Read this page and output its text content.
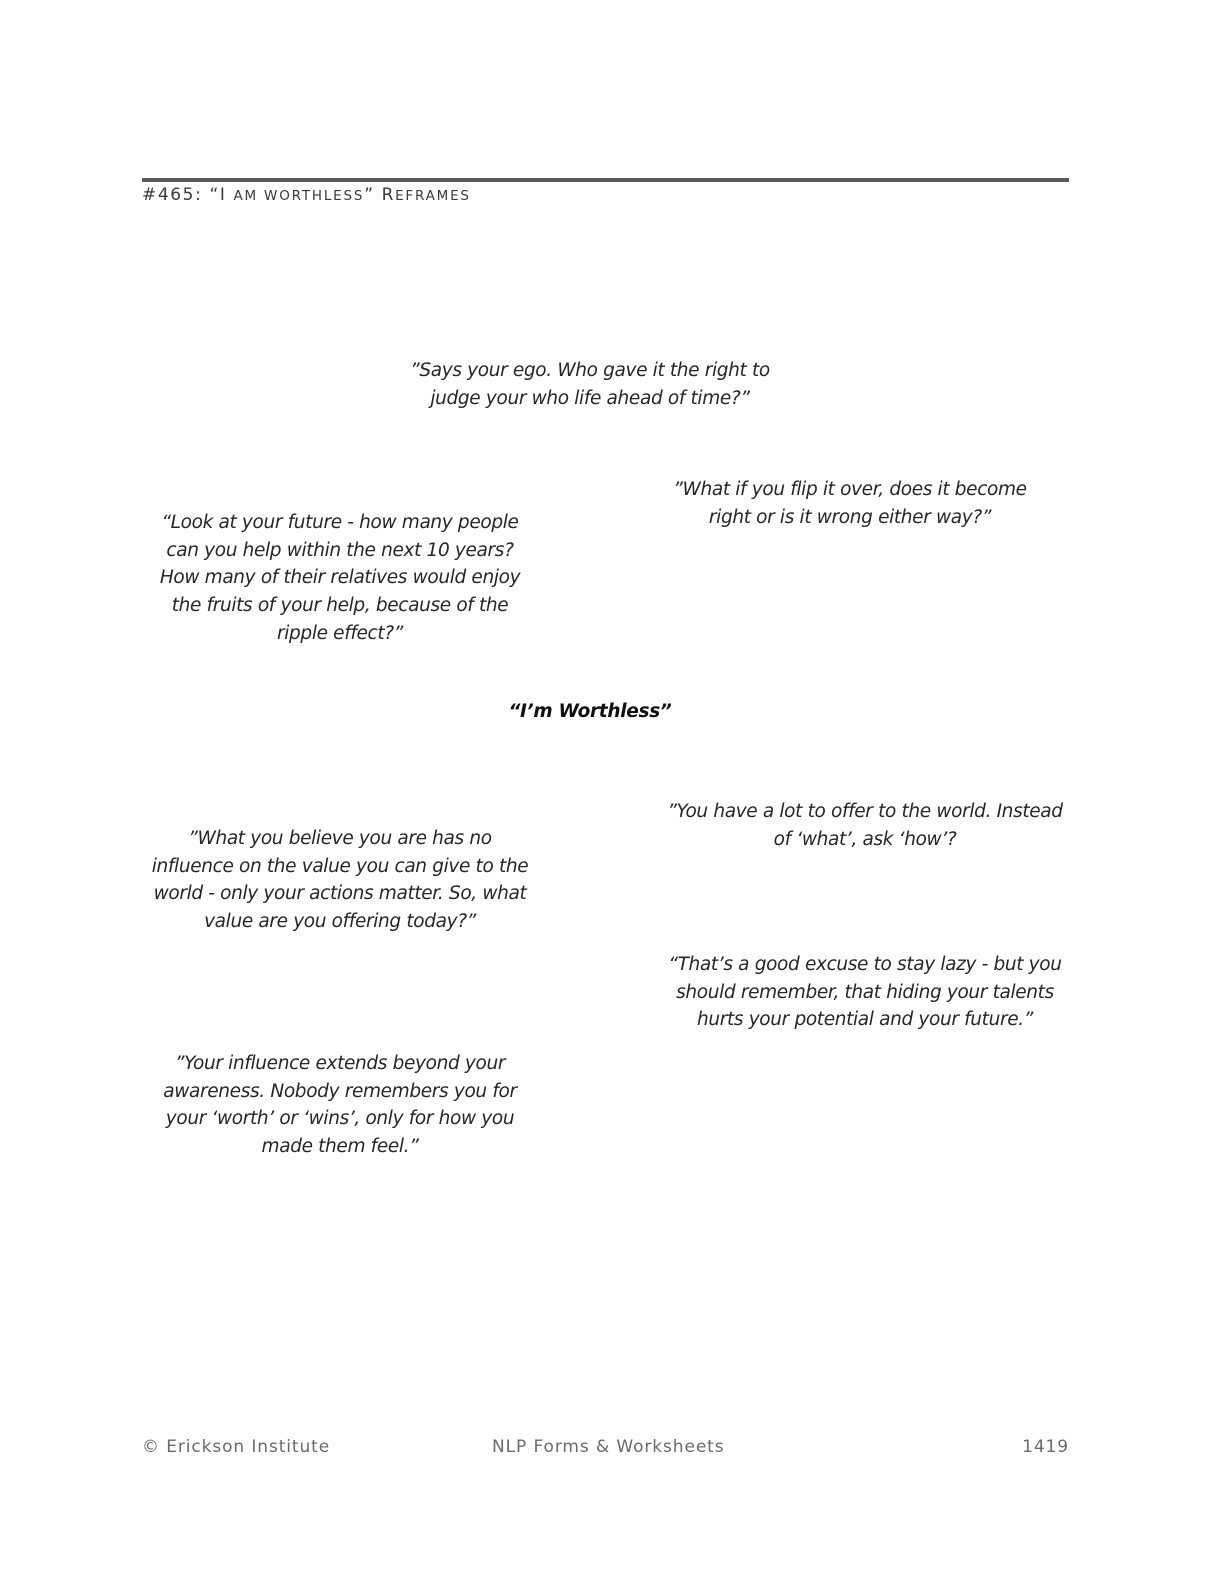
#465: “I AM WORTHLESS” REFRAMES
”Says your ego. Who gave it the right to
judge your who life ahead of time?”
”What if you flip it over, does it become
right or is it wrong either way?”
“Look at your future - how many people
can you help within the next 10 years?
How many of their relatives would enjoy
the fruits of your help, because of the
ripple effect?”
“I’m Worthless”
”You have a lot to offer to the world. Instead
of ‘what’, ask ‘how’?
”What you believe you are has no
influence on the value you can give to the
world - only your actions matter. So, what
value are you offering today?”
“That’s a good excuse to stay lazy - but you
should remember, that hiding your talents
hurts your potential and your future.”
”Your influence extends beyond your
awareness. Nobody remembers you for
your ‘worth’ or ‘wins’, only for how you
made them feel.”
© Erickson Institute	NLP Forms & Worksheets	1419
